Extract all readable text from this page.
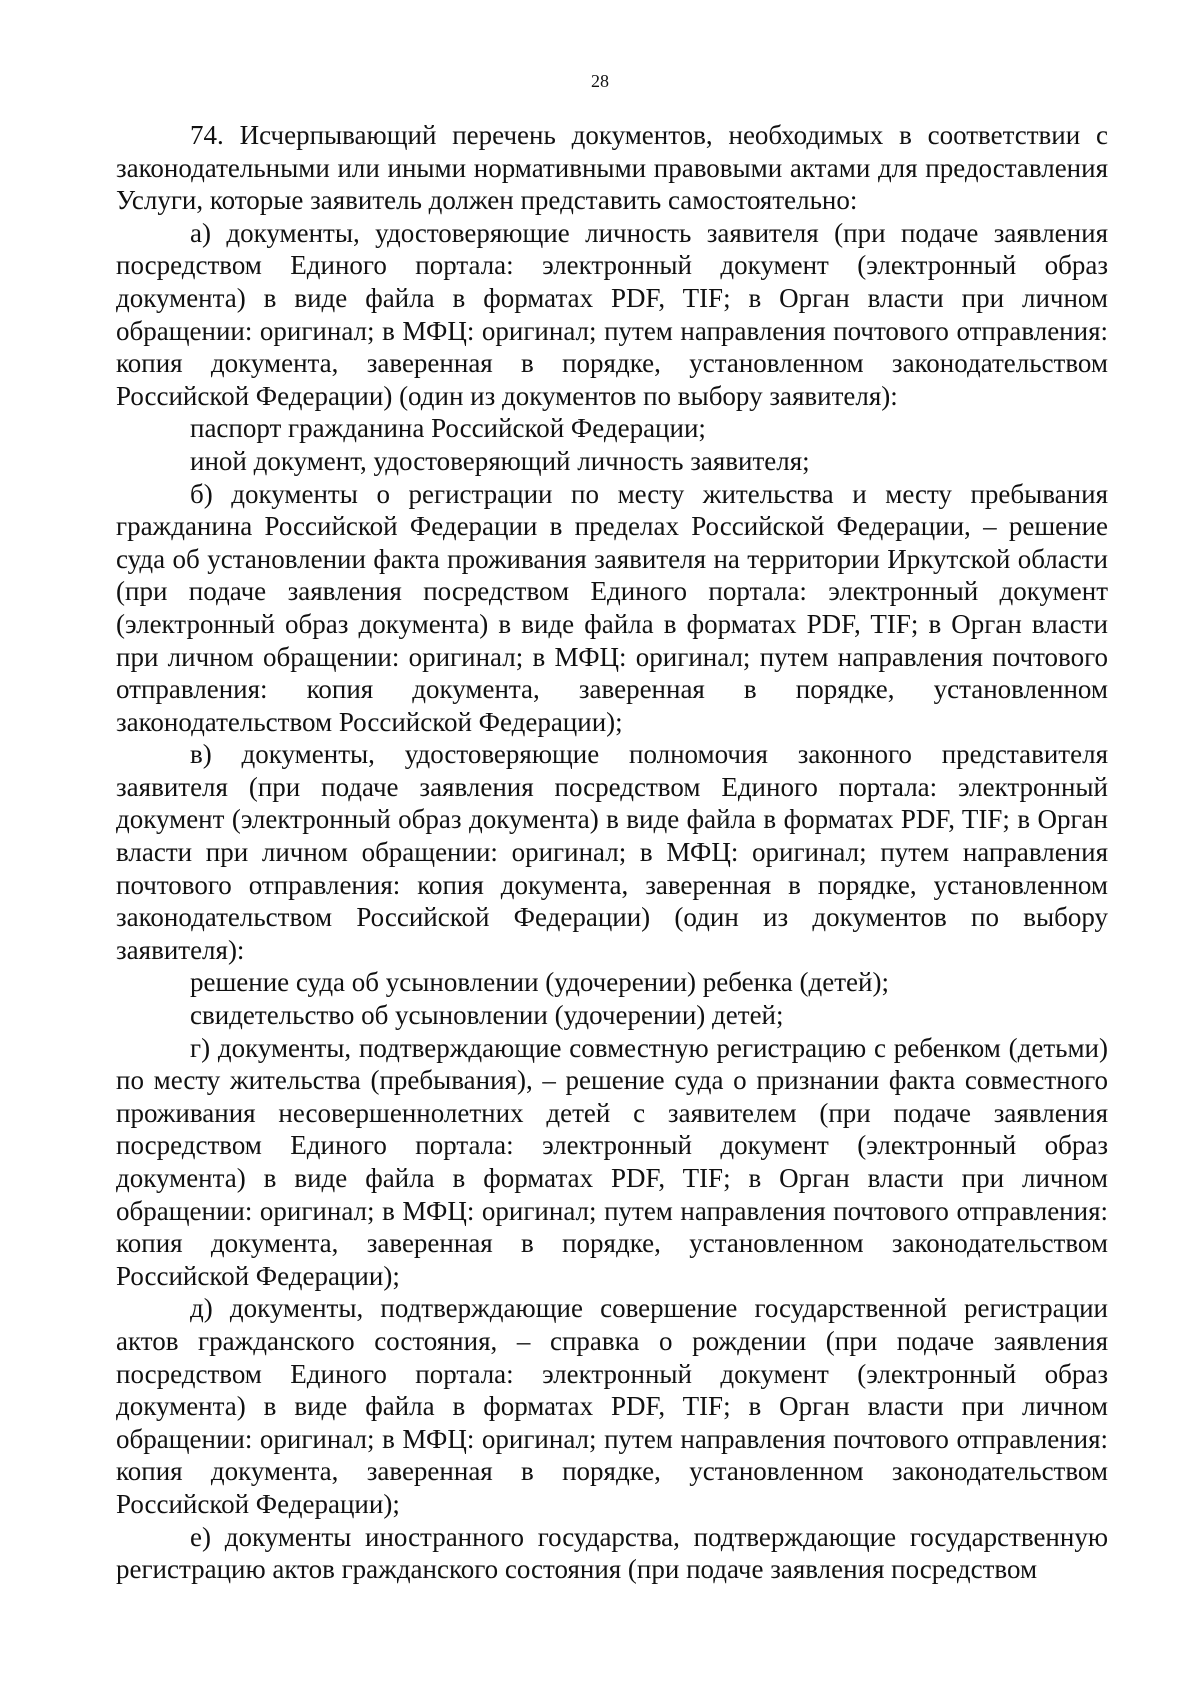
28

74. Исчерпывающий перечень документов, необходимых в соответствии с законодательными или иными нормативными правовыми актами для предоставления Услуги, которые заявитель должен представить самостоятельно:

а) документы, удостоверяющие личность заявителя (при подаче заявления посредством Единого портала: электронный документ (электронный образ документа) в виде файла в форматах PDF, TIF; в Орган власти при личном обращении: оригинал; в МФЦ: оригинал; путем направления почтового отправления: копия документа, заверенная в порядке, установленном законодательством Российской Федерации) (один из документов по выбору заявителя):

паспорт гражданина Российской Федерации;

иной документ, удостоверяющий личность заявителя;

б) документы о регистрации по месту жительства и месту пребывания гражданина Российской Федерации в пределах Российской Федерации, – решение суда об установлении факта проживания заявителя на территории Иркутской области (при подаче заявления посредством Единого портала: электронный документ (электронный образ документа) в виде файла в форматах PDF, TIF; в Орган власти при личном обращении: оригинал; в МФЦ: оригинал; путем направления почтового отправления: копия документа, заверенная в порядке, установленном законодательством Российской Федерации);

в) документы, удостоверяющие полномочия законного представителя заявителя (при подаче заявления посредством Единого портала: электронный документ (электронный образ документа) в виде файла в форматах PDF, TIF; в Орган власти при личном обращении: оригинал; в МФЦ: оригинал; путем направления почтового отправления: копия документа, заверенная в порядке, установленном законодательством Российской Федерации) (один из документов по выбору заявителя):

решение суда об усыновлении (удочерении) ребенка (детей);

свидетельство об усыновлении (удочерении) детей;

г) документы, подтверждающие совместную регистрацию с ребенком (детьми) по месту жительства (пребывания), – решение суда о признании факта совместного проживания несовершеннолетних детей с заявителем (при подаче заявления посредством Единого портала: электронный документ (электронный образ документа) в виде файла в форматах PDF, TIF; в Орган власти при личном обращении: оригинал; в МФЦ: оригинал; путем направления почтового отправления: копия документа, заверенная в порядке, установленном законодательством Российской Федерации);

д) документы, подтверждающие совершение государственной регистрации актов гражданского состояния, – справка о рождении (при подаче заявления посредством Единого портала: электронный документ (электронный образ документа) в виде файла в форматах PDF, TIF; в Орган власти при личном обращении: оригинал; в МФЦ: оригинал; путем направления почтового отправления: копия документа, заверенная в порядке, установленном законодательством Российской Федерации);

е) документы иностранного государства, подтверждающие государственную регистрацию актов гражданского состояния (при подаче заявления посредством
